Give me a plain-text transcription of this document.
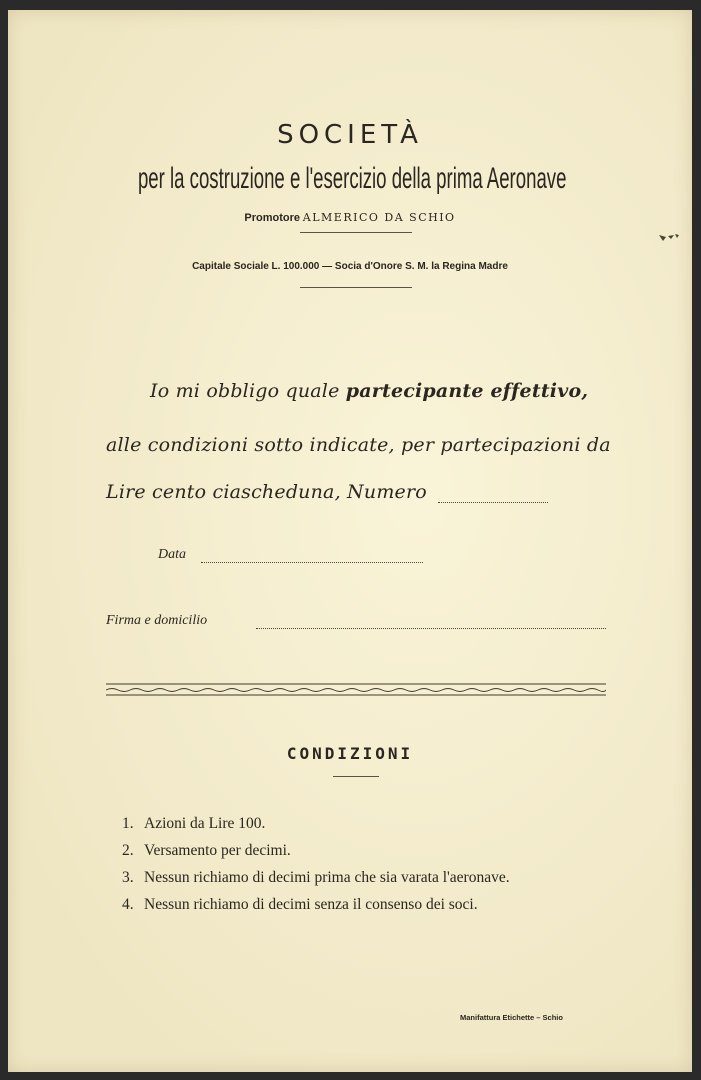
SOCIETÀ
per la costruzione e l'esercizio della prima Aeronave
Promotore ALMERICO DA SCHIO
Capitale Sociale L. 100.000 — Socia d'Onore S. M. la Regina Madre
Io mi obbligo quale partecipante effettivo,
alle condizioni sotto indicate, per partecipazioni da
Lire cento ciascheduna, Numero
Data
Firma e domicilio
CONDIZIONI
1. Azioni da Lire 100.
2. Versamento per decimi.
3. Nessun richiamo di decimi prima che sia varata l'aeronave.
4. Nessun richiamo di decimi senza il consenso dei soci.
Manifattura Etichette – Schio
